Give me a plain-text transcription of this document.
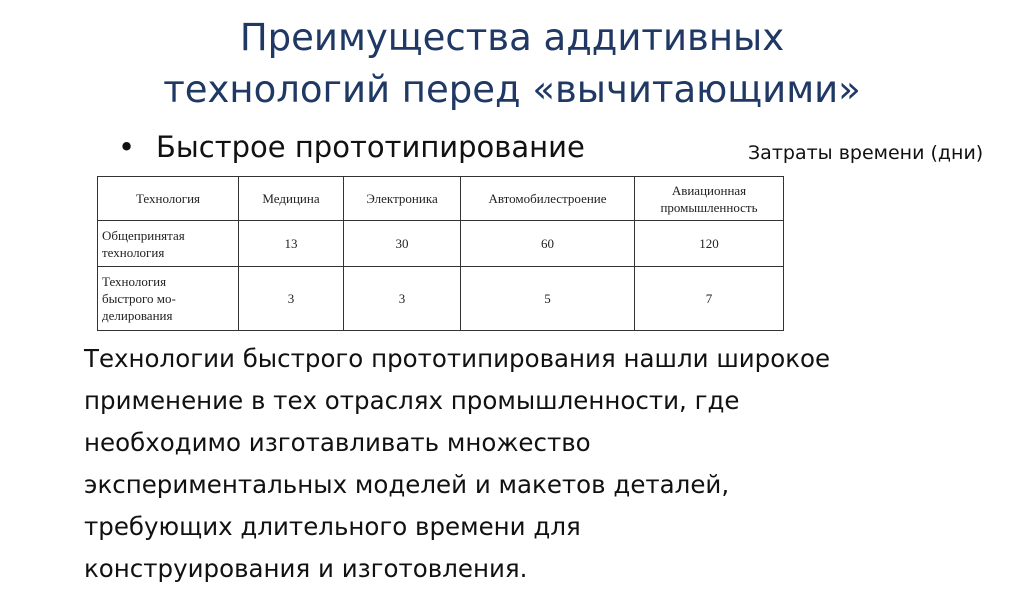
Преимущества аддитивных
технологий перед «вычитающими»
• Быстрое прототипирование	Затраты времени (дни)
Технология	Медицина	Электроника	Автомобилестроение	Авиационная
промышленность
Общепринятая
технология	13	30	60	120
Технология
быстрого мо-
делирования	3	3	5	7
Технологии быстрого прототипирования нашли широкое
применение в тех отраслях промышленности, где
необходимо изготавливать множество
экспериментальных моделей и макетов деталей,
требующих длительного времени для
конструирования и изготовления.
